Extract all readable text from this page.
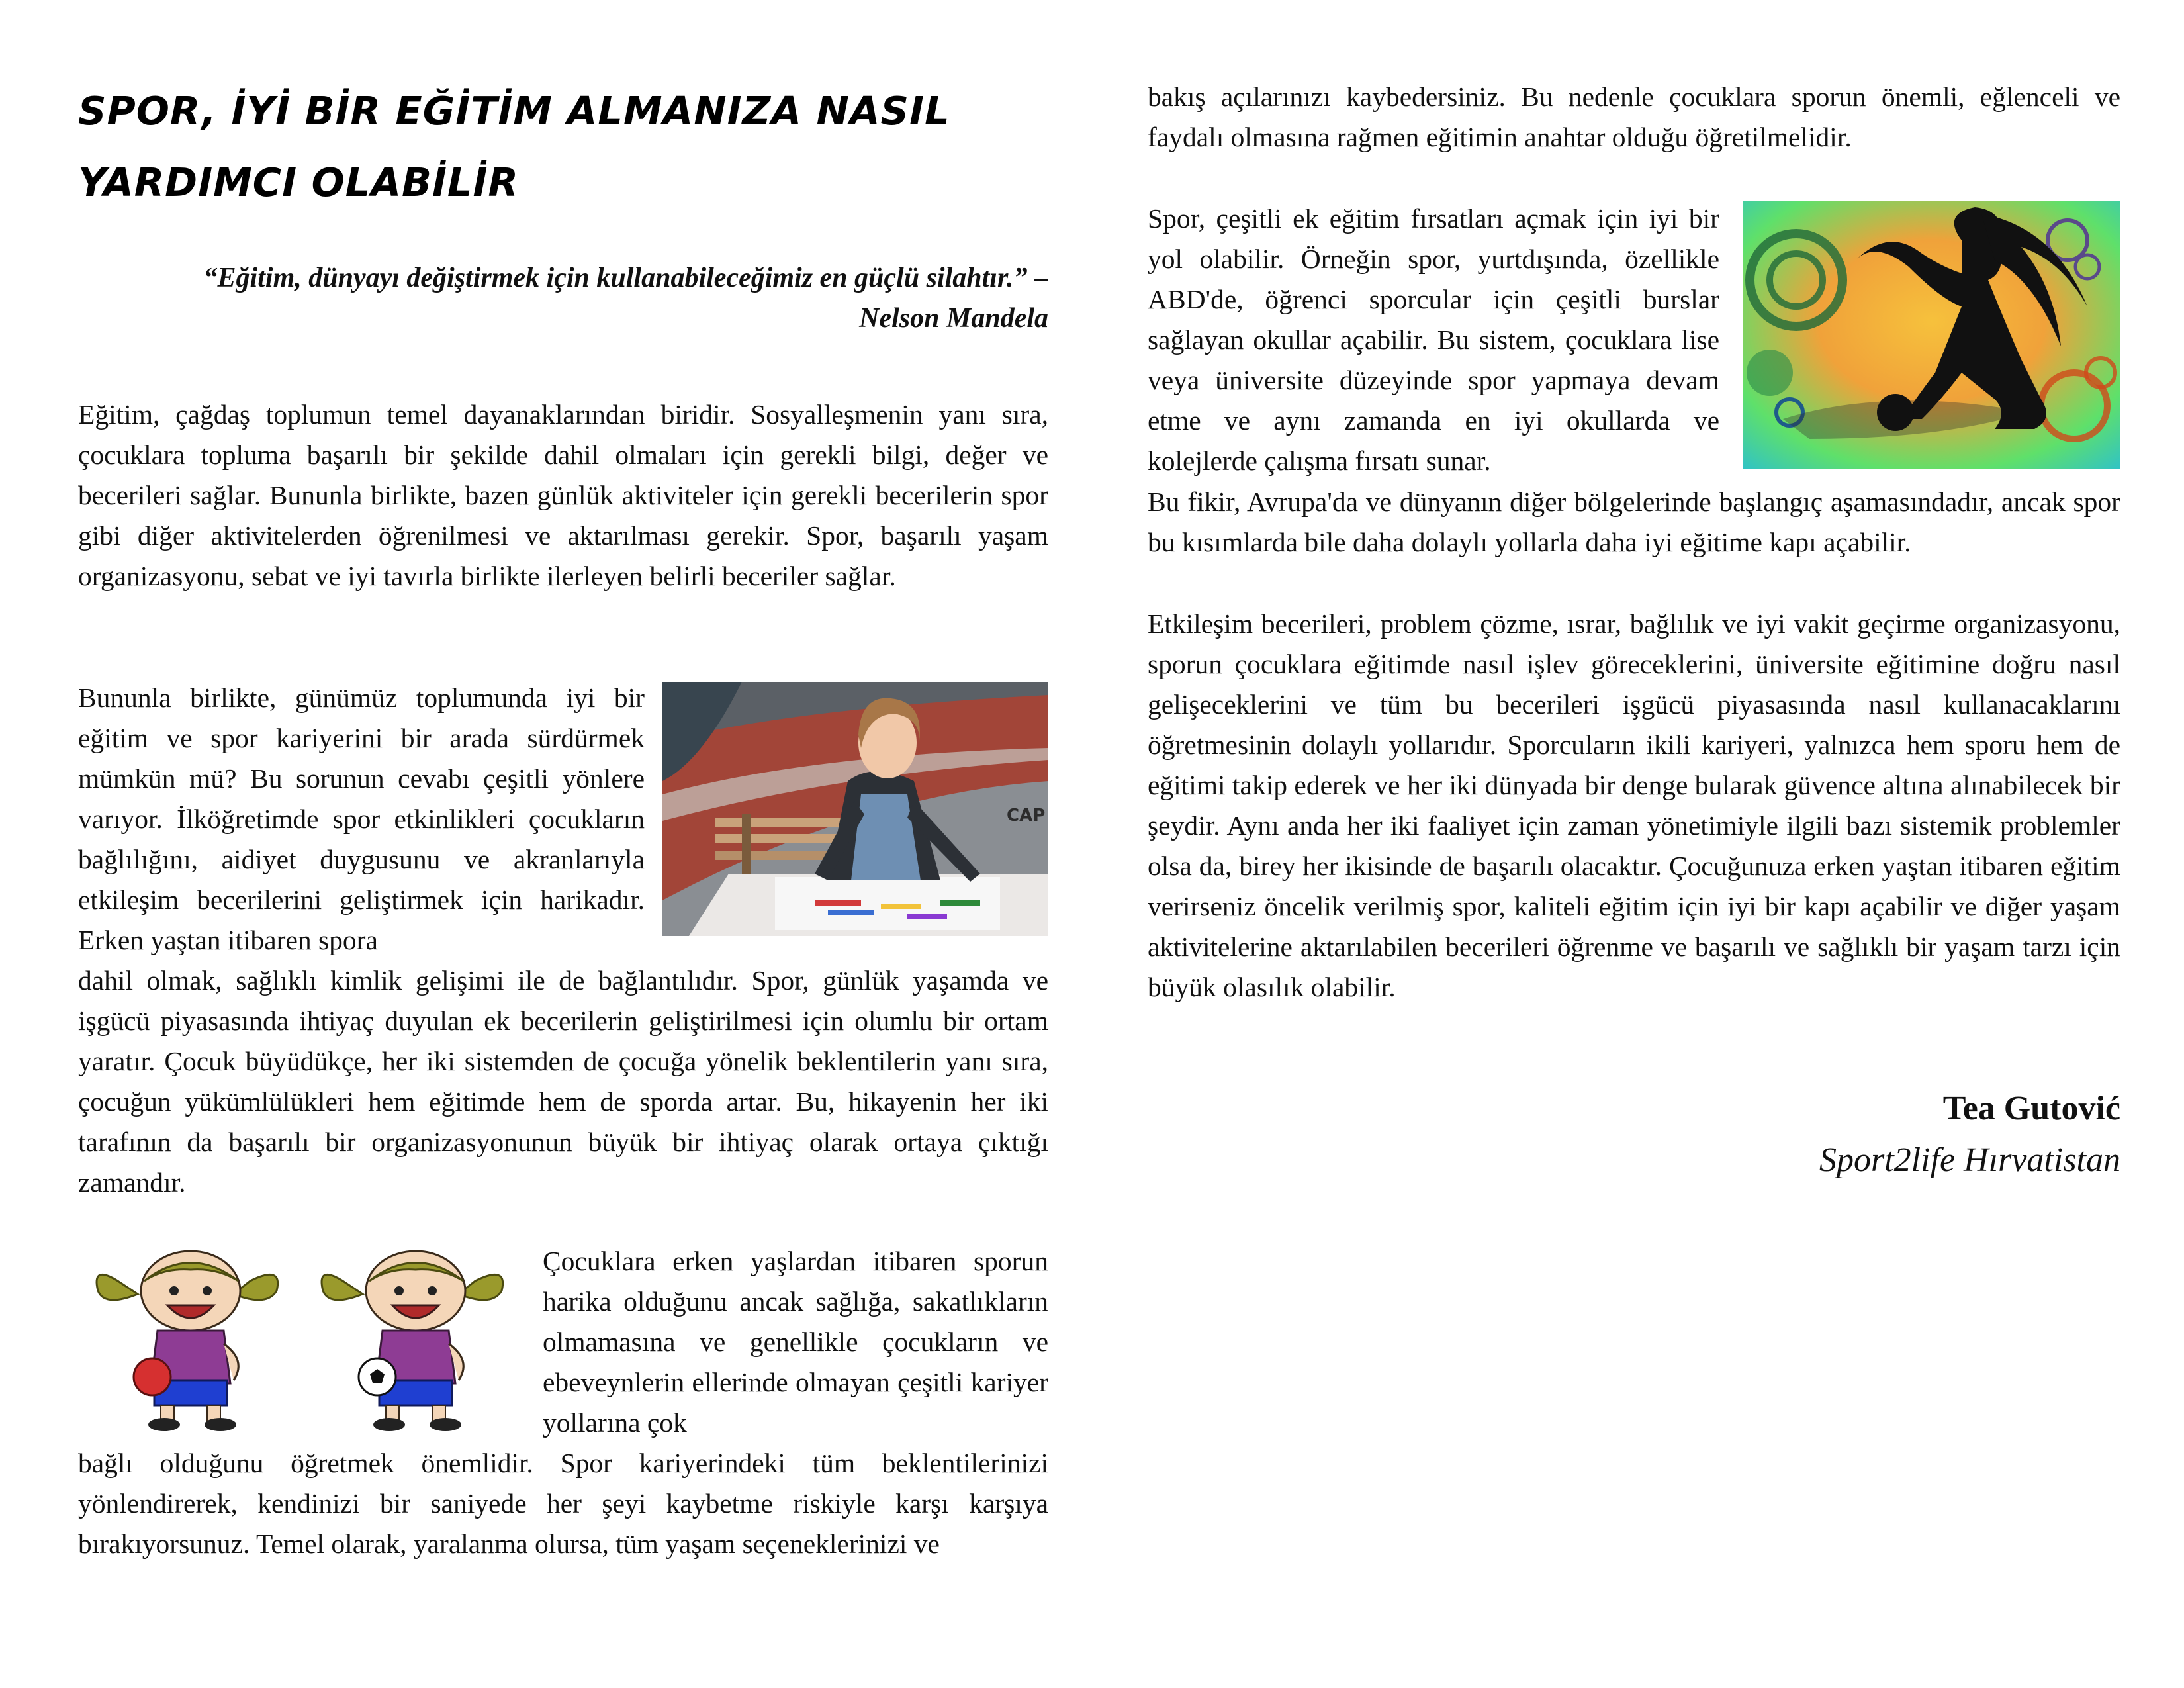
SPOR, İYİ BİR EĞİTİM ALMANIZA NASIL YARDIMCI OLABİLİR
“Eğitim, dünyayı değiştirmek için kullanabileceğimiz en güçlü silahtır.” –
Nelson Mandela

Eğitim, çağdaş toplumun temel dayanaklarından biridir. Sosyalleşmenin yanı sıra, çocuklara topluma başarılı bir şekilde dahil olmaları için gerekli bilgi, değer ve becerileri sağlar. Bununla birlikte, bazen günlük aktiviteler için gerekli becerilerin spor gibi diğer aktivitelerden öğrenilmesi ve aktarılması gerekir. Spor, başarılı yaşam organizasyonu, sebat ve iyi tavırla birlikte ilerleyen belirli beceriler sağlar.

CAP

Bununla birlikte, günümüz toplumunda iyi bir eğitim ve spor kariyerini bir arada sürdürmek mümkün mü? Bu sorunun cevabı çeşitli yönlere varıyor. İlköğretimde spor etkinlikleri çocukların bağlılığını, aidiyet duygusunu ve akranlarıyla etkileşim becerilerini geliştirmek için harikadır. Erken yaştan itibaren spora

dahil olmak, sağlıklı kimlik gelişimi ile de bağlantılıdır. Spor, günlük yaşamda ve işgücü piyasasında ihtiyaç duyulan ek becerilerin geliştirilmesi için olumlu bir ortam yaratır. Çocuk büyüdükçe, her iki sistemden de çocuğa yönelik beklentilerin yanı sıra, çocuğun yükümlülükleri hem eğitimde hem de sporda artar. Bu, hikayenin her iki tarafının da başarılı bir organizasyonunun büyük bir ihtiyaç olarak ortaya çıktığı zamandır.

Çocuklara erken yaşlardan itibaren sporun harika olduğunu ancak sağlığa, sakatlıkların olmamasına ve genellikle çocukların ve ebeveynlerin ellerinde olmayan çeşitli kariyer yollarına çok

bağlı olduğunu öğretmek önemlidir. Spor kariyerindeki tüm beklentilerinizi yönlendirerek, kendinizi bir saniyede her şeyi kaybetme riskiyle karşı karşıya bırakıyorsunuz. Temel olarak, yaralanma olursa, tüm yaşam seçeneklerinizi ve

bakış açılarınızı kaybedersiniz. Bu nedenle çocuklara sporun önemli, eğlenceli ve faydalı olmasına rağmen eğitimin anahtar olduğu öğretilmelidir.

Spor, çeşitli ek eğitim fırsatları açmak için iyi bir yol olabilir. Örneğin spor, yurtdışında, özellikle ABD'de, öğrenci sporcular için çeşitli burslar sağlayan okullar açabilir. Bu sistem, çocuklara lise veya üniversite düzeyinde spor yapmaya devam etme ve aynı zamanda en iyi okullarda ve kolejlerde çalışma fırsatı sunar.

Bu fikir, Avrupa'da ve dünyanın diğer bölgelerinde başlangıç aşamasındadır, ancak spor bu kısımlarda bile daha dolaylı yollarla daha iyi eğitime kapı açabilir.

Etkileşim becerileri, problem çözme, ısrar, bağlılık ve iyi vakit geçirme organizasyonu, sporun çocuklara eğitimde nasıl işlev göreceklerini, üniversite eğitimine doğru nasıl gelişeceklerini ve tüm bu becerileri işgücü piyasasında nasıl kullanacaklarını öğretmesinin dolaylı yollarıdır. Sporcuların ikili kariyeri, yalnızca hem sporu hem de eğitimi takip ederek ve her iki dünyada bir denge bularak güvence altına alınabilecek bir şeydir. Aynı anda her iki faaliyet için zaman yönetimiyle ilgili bazı sistemik problemler olsa da, birey her ikisinde de başarılı olacaktır. Çocuğunuza erken yaştan itibaren eğitim verirseniz öncelik verilmiş spor, kaliteli eğitim için iyi bir kapı açabilir ve diğer yaşam aktivitelerine aktarılabilen becerileri öğrenme ve başarılı ve sağlıklı bir yaşam tarzı için büyük olasılık olabilir.

Tea Gutović

Sport2life Hırvatistan
